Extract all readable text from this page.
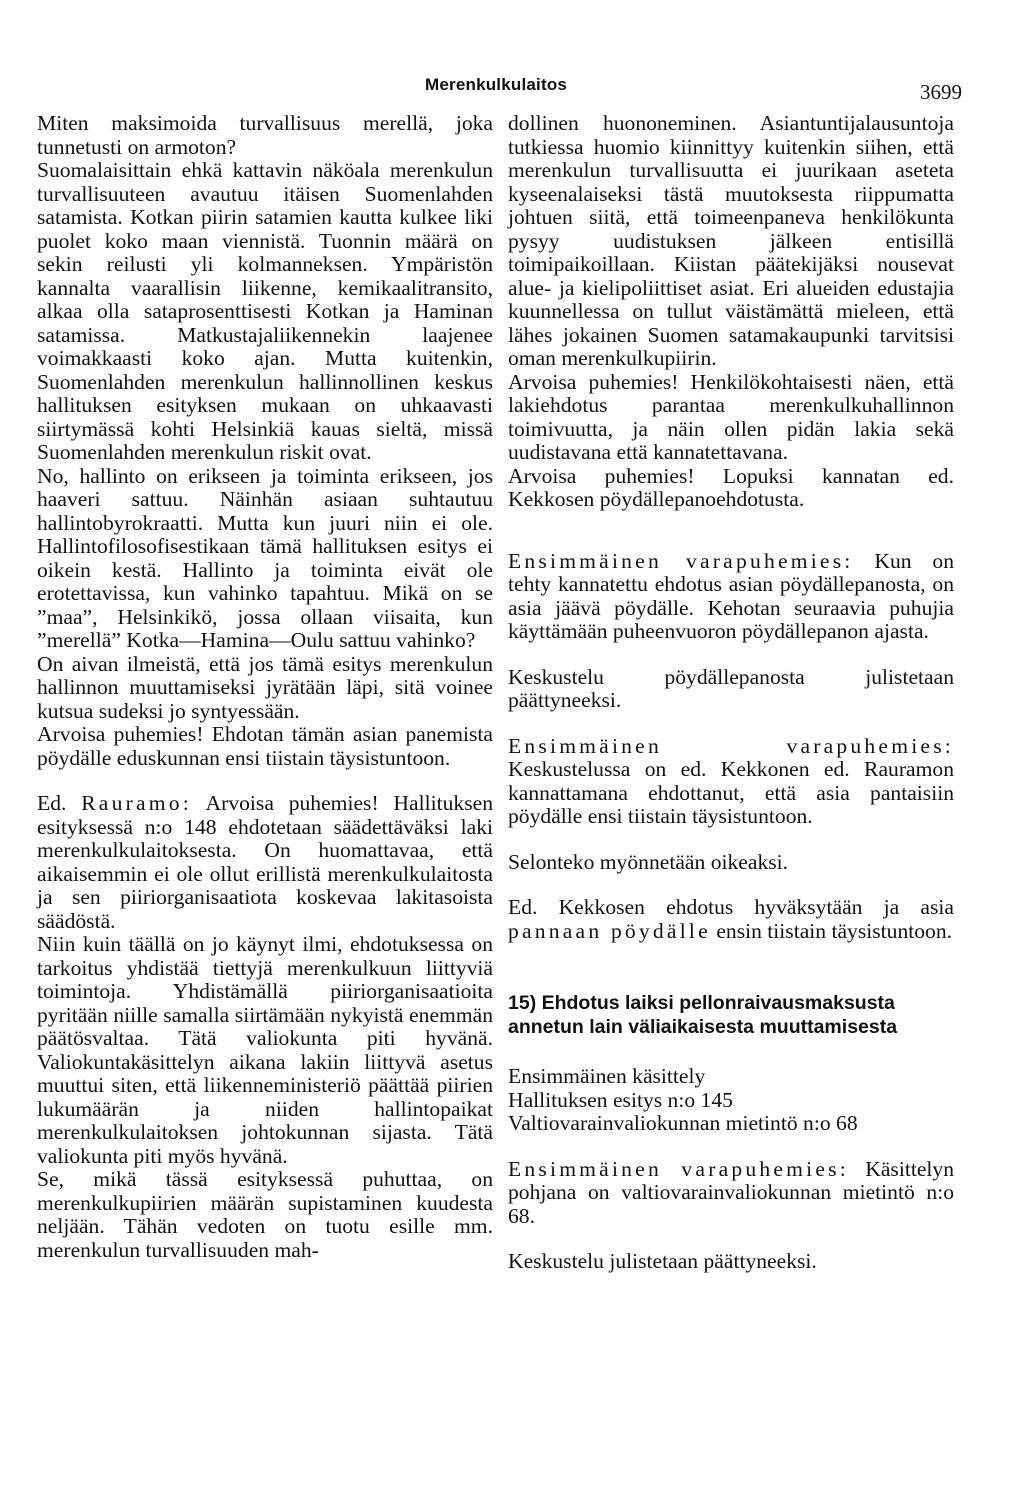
Merenkulkulaitos	3699

Miten maksimoida turvallisuus merellä, joka tunnetusti on armoton?

Suomalaisittain ehkä kattavin näköala merenkulun turvallisuuteen avautuu itäisen Suomenlahden satamista. Kotkan piirin satamien kautta kulkee liki puolet koko maan viennistä. Tuonnin määrä on sekin reilusti yli kolmanneksen. Ympäristön kannalta vaarallisin liikenne, kemikaalitransito, alkaa olla sataprosenttisesti Kotkan ja Haminan satamissa. Matkustajaliikennekin laajenee voimakkaasti koko ajan. Mutta kuitenkin, Suomenlahden merenkulun hallinnollinen keskus hallituksen esityksen mukaan on uhkaavasti siirtymässä kohti Helsinkiä kauas sieltä, missä Suomenlahden merenkulun riskit ovat.

No, hallinto on erikseen ja toiminta erikseen, jos haaveri sattuu. Näinhän asiaan suhtautuu hallintobyrokraatti. Mutta kun juuri niin ei ole. Hallintofilosofisestikaan tämä hallituksen esitys ei oikein kestä. Hallinto ja toiminta eivät ole erotettavissa, kun vahinko tapahtuu. Mikä on se ”maa”, Helsinkikö, jossa ollaan viisaita, kun ”merellä” Kotka—Hamina—Oulu sattuu vahinko?

On aivan ilmeistä, että jos tämä esitys merenkulun hallinnon muuttamiseksi jyrätään läpi, sitä voinee kutsua sudeksi jo syntyessään.

Arvoisa puhemies! Ehdotan tämän asian panemista pöydälle eduskunnan ensi tiistain täysistuntoon.

Ed. Rauramo: Arvoisa puhemies! Hallituksen esityksessä n:o 148 ehdotetaan säädettäväksi laki merenkulkulaitoksesta. On huomattavaa, että aikaisemmin ei ole ollut erillistä merenkulkulaitosta ja sen piiriorganisaatiota koskevaa lakitasoista säädöstä.

Niin kuin täällä on jo käynyt ilmi, ehdotuksessa on tarkoitus yhdistää tiettyjä merenkulkuun liittyviä toimintoja. Yhdistämällä piiriorganisaatioita pyritään niille samalla siirtämään nykyistä enemmän päätösvaltaa. Tätä valiokunta piti hyvänä. Valiokuntakäsittelyn aikana lakiin liittyvä asetus muuttui siten, että liikenneministeriö päättää piirien lukumäärän ja niiden hallintopaikat merenkulkulaitoksen johtokunnan sijasta. Tätä valiokunta piti myös hyvänä.

Se, mikä tässä esityksessä puhuttaa, on merenkulkupiirien määrän supistaminen kuudesta neljään. Tähän vedoten on tuotu esille mm. merenkulun turvallisuuden mah-

dollinen huononeminen. Asiantuntijalausuntoja tutkiessa huomio kiinnittyy kuitenkin siihen, että merenkulun turvallisuutta ei juurikaan aseteta kyseenalaiseksi tästä muutoksesta riippumatta johtuen siitä, että toimeenpaneva henkilökunta pysyy uudistuksen jälkeen entisillä toimipaikoillaan. Kiistan päätekijäksi nousevat alue- ja kielipoliittiset asiat. Eri alueiden edustajia kuunnellessa on tullut väistämättä mieleen, että lähes jokainen Suomen satamakaupunki tarvitsisi oman merenkulkupiirin.

Arvoisa puhemies! Henkilökohtaisesti näen, että lakiehdotus parantaa merenkulkuhallinnon toimivuutta, ja näin ollen pidän lakia sekä uudistavana että kannatettavana.

Arvoisa puhemies! Lopuksi kannatan ed. Kekkosen pöydällepanoehdotusta.

Ensimmäinen varapuhemies: Kun on tehty kannatettu ehdotus asian pöydällepanosta, on asia jäävä pöydälle. Kehotan seuraavia puhujia käyttämään puheenvuoron pöydällepanon ajasta.

Keskustelu pöydällepanosta julistetaan päättyneeksi.

Ensimmäinen varapuhemies: Keskustelussa on ed. Kekkonen ed. Rauramon kannattamana ehdottanut, että asia pantaisiin pöydälle ensi tiistain täysistuntoon.

Selonteko myönnetään oikeaksi.

Ed. Kekkosen ehdotus hyväksytään ja asia pannaan pöydälle ensin tiistain täysistuntoon.

15) Ehdotus laiksi pellonraivausmaksusta annetun lain väliaikaisesta muuttamisesta

Ensimmäinen käsittely

Hallituksen esitys n:o 145

Valtiovarainvaliokunnan mietintö n:o 68

Ensimmäinen varapuhemies: Käsittelyn pohjana on valtiovarainvaliokunnan mietintö n:o 68.

Keskustelu julistetaan päättyneeksi.
